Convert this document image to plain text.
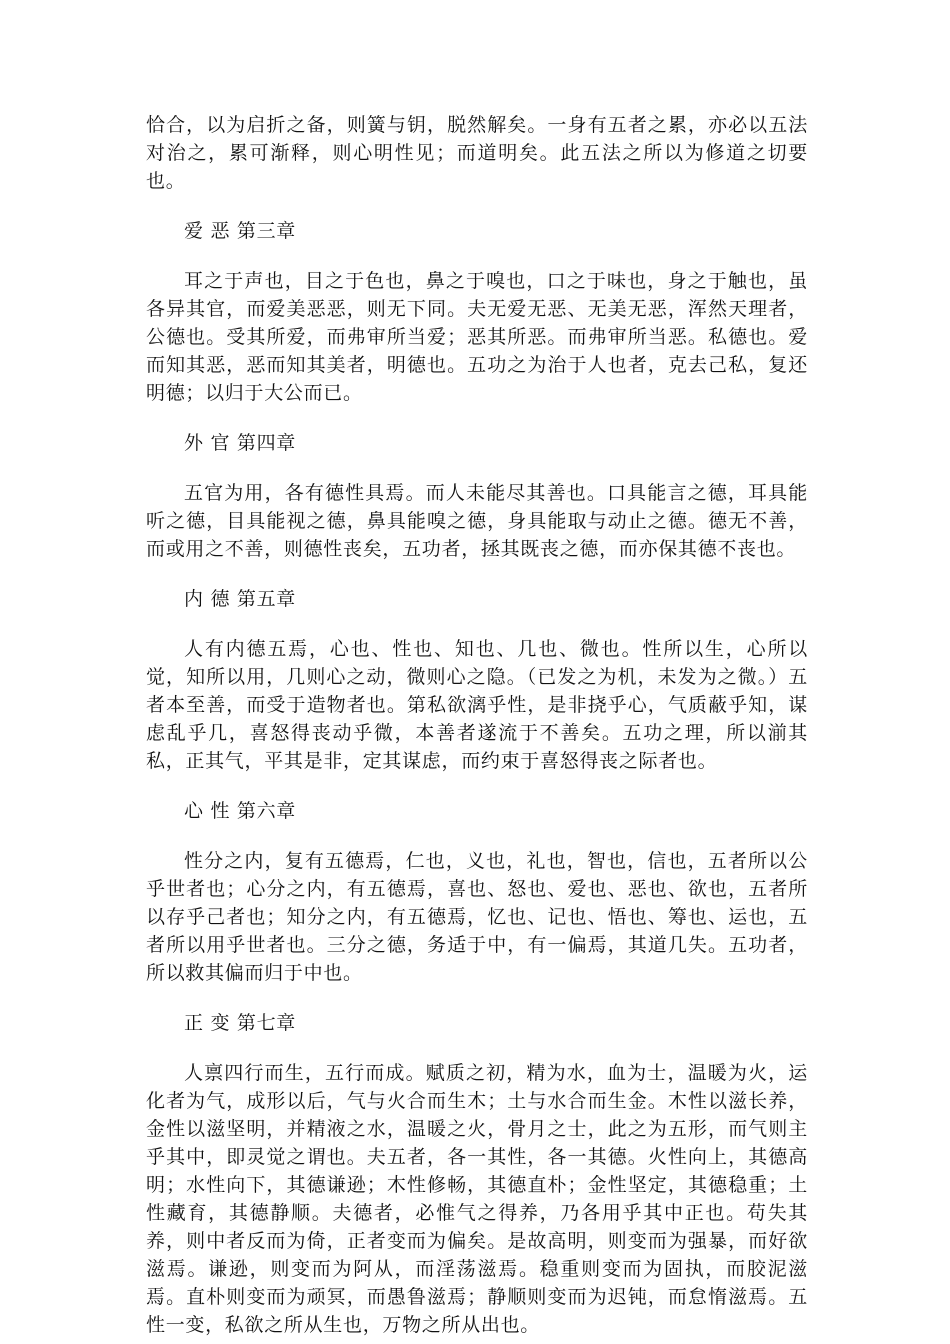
恰合，以为启折之备，则簧与钥，脱然解矣。一身有五者之累，亦必以五法对治之，累可渐释，则心明性见；而道明矣。此五法之所以为修道之切要也。

爱 恶 第三章

耳之于声也，目之于色也，鼻之于嗅也，口之于味也，身之于触也，虽各异其官，而爱美恶恶，则无下同。夫无爱无恶、无美无恶，浑然天理者，公德也。受其所爱，而弗审所当爱；恶其所恶。而弗审所当恶。私德也。爱而知其恶，恶而知其美者，明德也。五功之为治于人也者，克去己私，复还明德；以归于大公而已。

外 官 第四章

五官为用，各有德性具焉。而人未能尽其善也。口具能言之德，耳具能听之德，目具能视之德，鼻具能嗅之德，身具能取与动止之德。德无不善，而或用之不善，则德性丧矣，五功者，拯其既丧之德，而亦保其德不丧也。

内 德 第五章

人有内德五焉，心也、性也、知也、几也、微也。性所以生，心所以觉，知所以用，几则心之动，微则心之隐。（已发之为机，未发为之微。）五者本至善，而受于造物者也。第私欲漓乎性，是非挠乎心，气质蔽乎知，谋虑乱乎几，喜怒得丧动乎微，本善者遂流于不善矣。五功之理，所以湔其私，正其气，平其是非，定其谋虑，而约束于喜怒得丧之际者也。

心 性 第六章

性分之内，复有五德焉，仁也，义也，礼也，智也，信也，五者所以公乎世者也；心分之内，有五德焉，喜也、怒也、爱也、恶也、欲也，五者所以存乎己者也；知分之内，有五德焉，忆也、记也、悟也、筹也、运也，五者所以用乎世者也。三分之德，务适于中，有一偏焉，其道几失。五功者，所以救其偏而归于中也。

正 变 第七章

人禀四行而生，五行而成。赋质之初，精为水，血为士，温暖为火，运化者为气，成形以后，气与火合而生木；土与水合而生金。木性以滋长养，金性以滋坚明，并精液之水，温暖之火，骨月之士，此之为五形，而气则主乎其中，即灵觉之谓也。夫五者，各一其性，各一其德。火性向上，其德高明；水性向下，其德谦逊；木性修畅，其德直朴；金性坚定，其德稳重；土性藏育，其德静顺。夫德者，必惟气之得养，乃各用乎其中正也。苟失其养，则中者反而为倚，正者变而为偏矣。是故高明，则变而为强暴，而好欲滋焉。谦逊，则变而为阿从，而淫荡滋焉。稳重则变而为固执，而胶泥滋焉。直朴则变而为顽冥，而愚鲁滋焉；静顺则变而为迟钝，而怠惰滋焉。五性一变，私欲之所从生也，万物之所从出也。
